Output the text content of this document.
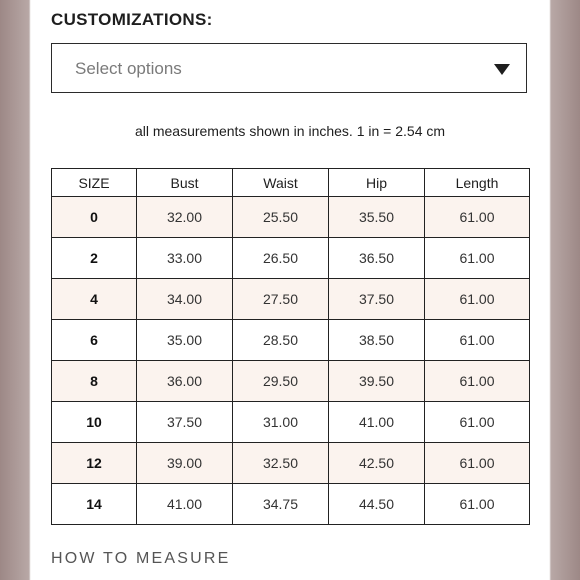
CUSTOMIZATIONS:
Select options
all measurements shown in inches. 1 in = 2.54 cm
SIZE	Bust	Waist	Hip	Length
0	32.00	25.50	35.50	61.00
2	33.00	26.50	36.50	61.00
4	34.00	27.50	37.50	61.00
6	35.00	28.50	38.50	61.00
8	36.00	29.50	39.50	61.00
10	37.50	31.00	41.00	61.00
12	39.00	32.50	42.50	61.00
14	41.00	34.75	44.50	61.00
HOW TO MEASURE
